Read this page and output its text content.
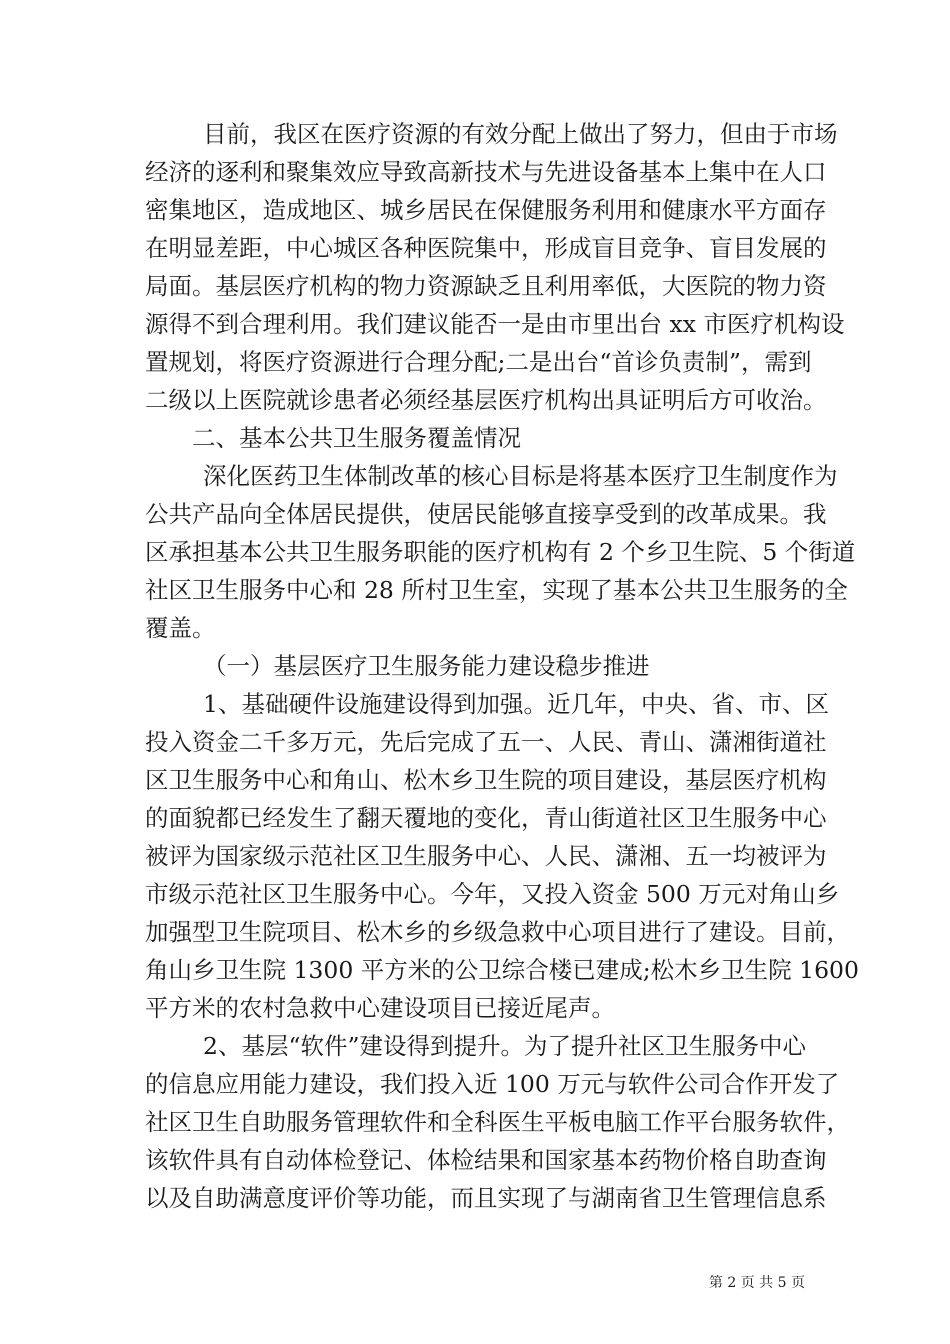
目前，我区在医疗资源的有效分配上做出了努力，但由于市场
经济的逐利和聚集效应导致高新技术与先进设备基本上集中在人口
密集地区，造成地区、城乡居民在保健服务利用和健康水平方面存
在明显差距，中心城区各种医院集中，形成盲目竞争、盲目发展的
局面。基层医疗机构的物力资源缺乏且利用率低，大医院的物力资
源得不到合理利用。我们建议能否一是由市里出台 xx 市医疗机构设
置规划，将医疗资源进行合理分配;二是出台“首诊负责制”，需到
二级以上医院就诊患者必须经基层医疗机构出具证明后方可收治。
二、基本公共卫生服务覆盖情况
深化医药卫生体制改革的核心目标是将基本医疗卫生制度作为
公共产品向全体居民提供，使居民能够直接享受到的改革成果。我
区承担基本公共卫生服务职能的医疗机构有 2 个乡卫生院、5 个街道
社区卫生服务中心和 28 所村卫生室，实现了基本公共卫生服务的全
覆盖。
（一）基层医疗卫生服务能力建设稳步推进
1、基础硬件设施建设得到加强。近几年，中央、省、市、区
投入资金二千多万元，先后完成了五一、人民、青山、潇湘街道社
区卫生服务中心和角山、松木乡卫生院的项目建设，基层医疗机构
的面貌都已经发生了翻天覆地的变化，青山街道社区卫生服务中心
被评为国家级示范社区卫生服务中心、人民、潇湘、五一均被评为
市级示范社区卫生服务中心。今年，又投入资金 500 万元对角山乡
加强型卫生院项目、松木乡的乡级急救中心项目进行了建设。目前，
角山乡卫生院 1300 平方米的公卫综合楼已建成;松木乡卫生院 1600
平方米的农村急救中心建设项目已接近尾声。
2、基层“软件”建设得到提升。为了提升社区卫生服务中心
的信息应用能力建设，我们投入近 100 万元与软件公司合作开发了
社区卫生自助服务管理软件和全科医生平板电脑工作平台服务软件，
该软件具有自动体检登记、体检结果和国家基本药物价格自助查询
以及自助满意度评价等功能，而且实现了与湖南省卫生管理信息系
第 2 页 共 5 页
